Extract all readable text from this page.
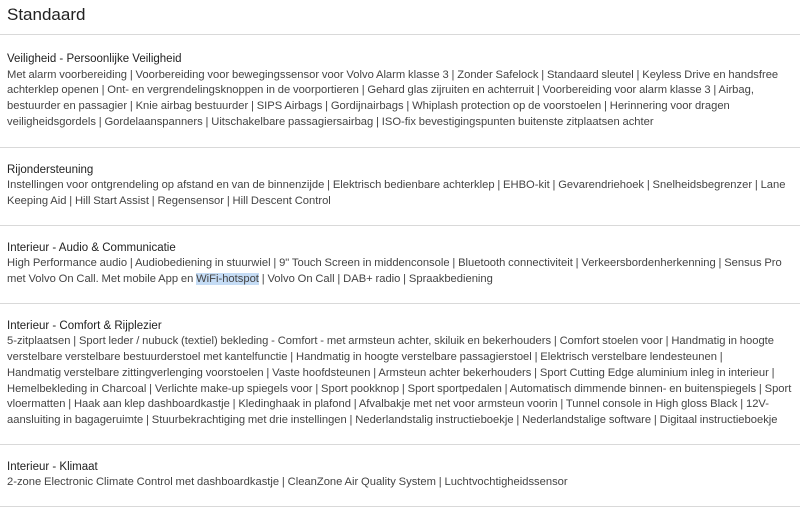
Standaard
Veiligheid - Persoonlijke Veiligheid
Met alarm voorbereiding | Voorbereiding voor bewegingssensor voor Volvo Alarm klasse 3 | Zonder Safelock | Standaard sleutel | Keyless Drive en handsfree
achterklep openen | Ont- en vergrendelingsknoppen in de voorportieren | Gehard glas zijruiten en achterruit | Voorbereiding voor alarm klasse 3 | Airbag,
bestuurder en passagier | Knie airbag bestuurder | SIPS Airbags | Gordijnairbags | Whiplash protection op de voorstoelen | Herinnering voor dragen
veiligheidsgordels | Gordelaanspanners | Uitschakelbare passagiersairbag | ISO-fix bevestigingspunten buitenste zitplaatsen achter
Rijondersteuning
Instellingen voor ontgrendeling op afstand en van de binnenzijde | Elektrisch bedienbare achterklep | EHBO-kit | Gevarendriehoek | Snelheidsbegrenzer | Lane
Keeping Aid | Hill Start Assist | Regensensor | Hill Descent Control
Interieur - Audio & Communicatie
High Performance audio | Audiobediening in stuurwiel | 9" Touch Screen in middenconsole | Bluetooth connectiviteit | Verkeersbordenherkenning | Sensus Pro
met Volvo On Call. Met mobile App en WiFi-hotspot | Volvo On Call | DAB+ radio | Spraakbediening
Interieur - Comfort & Rijplezier
5-zitplaatsen | Sport leder / nubuck (textiel) bekleding - Comfort - met armsteun achter, skiluik en bekerhouders | Comfort stoelen voor | Handmatig in hoogte
verstelbare verstelbare bestuurderstoel met kantelfunctie | Handmatig in hoogte verstelbare passagierstoel | Elektrisch verstelbare lendesteunen |
Handmatig verstelbare zittingverlenging voorstoelen | Vaste hoofdsteunen | Armsteun achter bekerhouders | Sport Cutting Edge aluminium inleg in interieur |
Hemelbekleding in Charcoal | Verlichte make-up spiegels voor | Sport pookknop | Sport sportpedalen | Automatisch dimmende binnen- en buitenspiegels | Sport
vloermatten | Haak aan klep dashboardkastje | Kledinghaak in plafond | Afvalbakje met net voor armsteun voorin | Tunnel console in High gloss Black | 12V-
aansluiting in bagageruimte | Stuurbekrachtiging met drie instellingen | Nederlandstalig instructieboekje | Nederlandstalige software | Digitaal instructieboekje
Interieur - Klimaat
2-zone Electronic Climate Control met dashboardkastje | CleanZone Air Quality System | Luchtvochtigheidssensor
